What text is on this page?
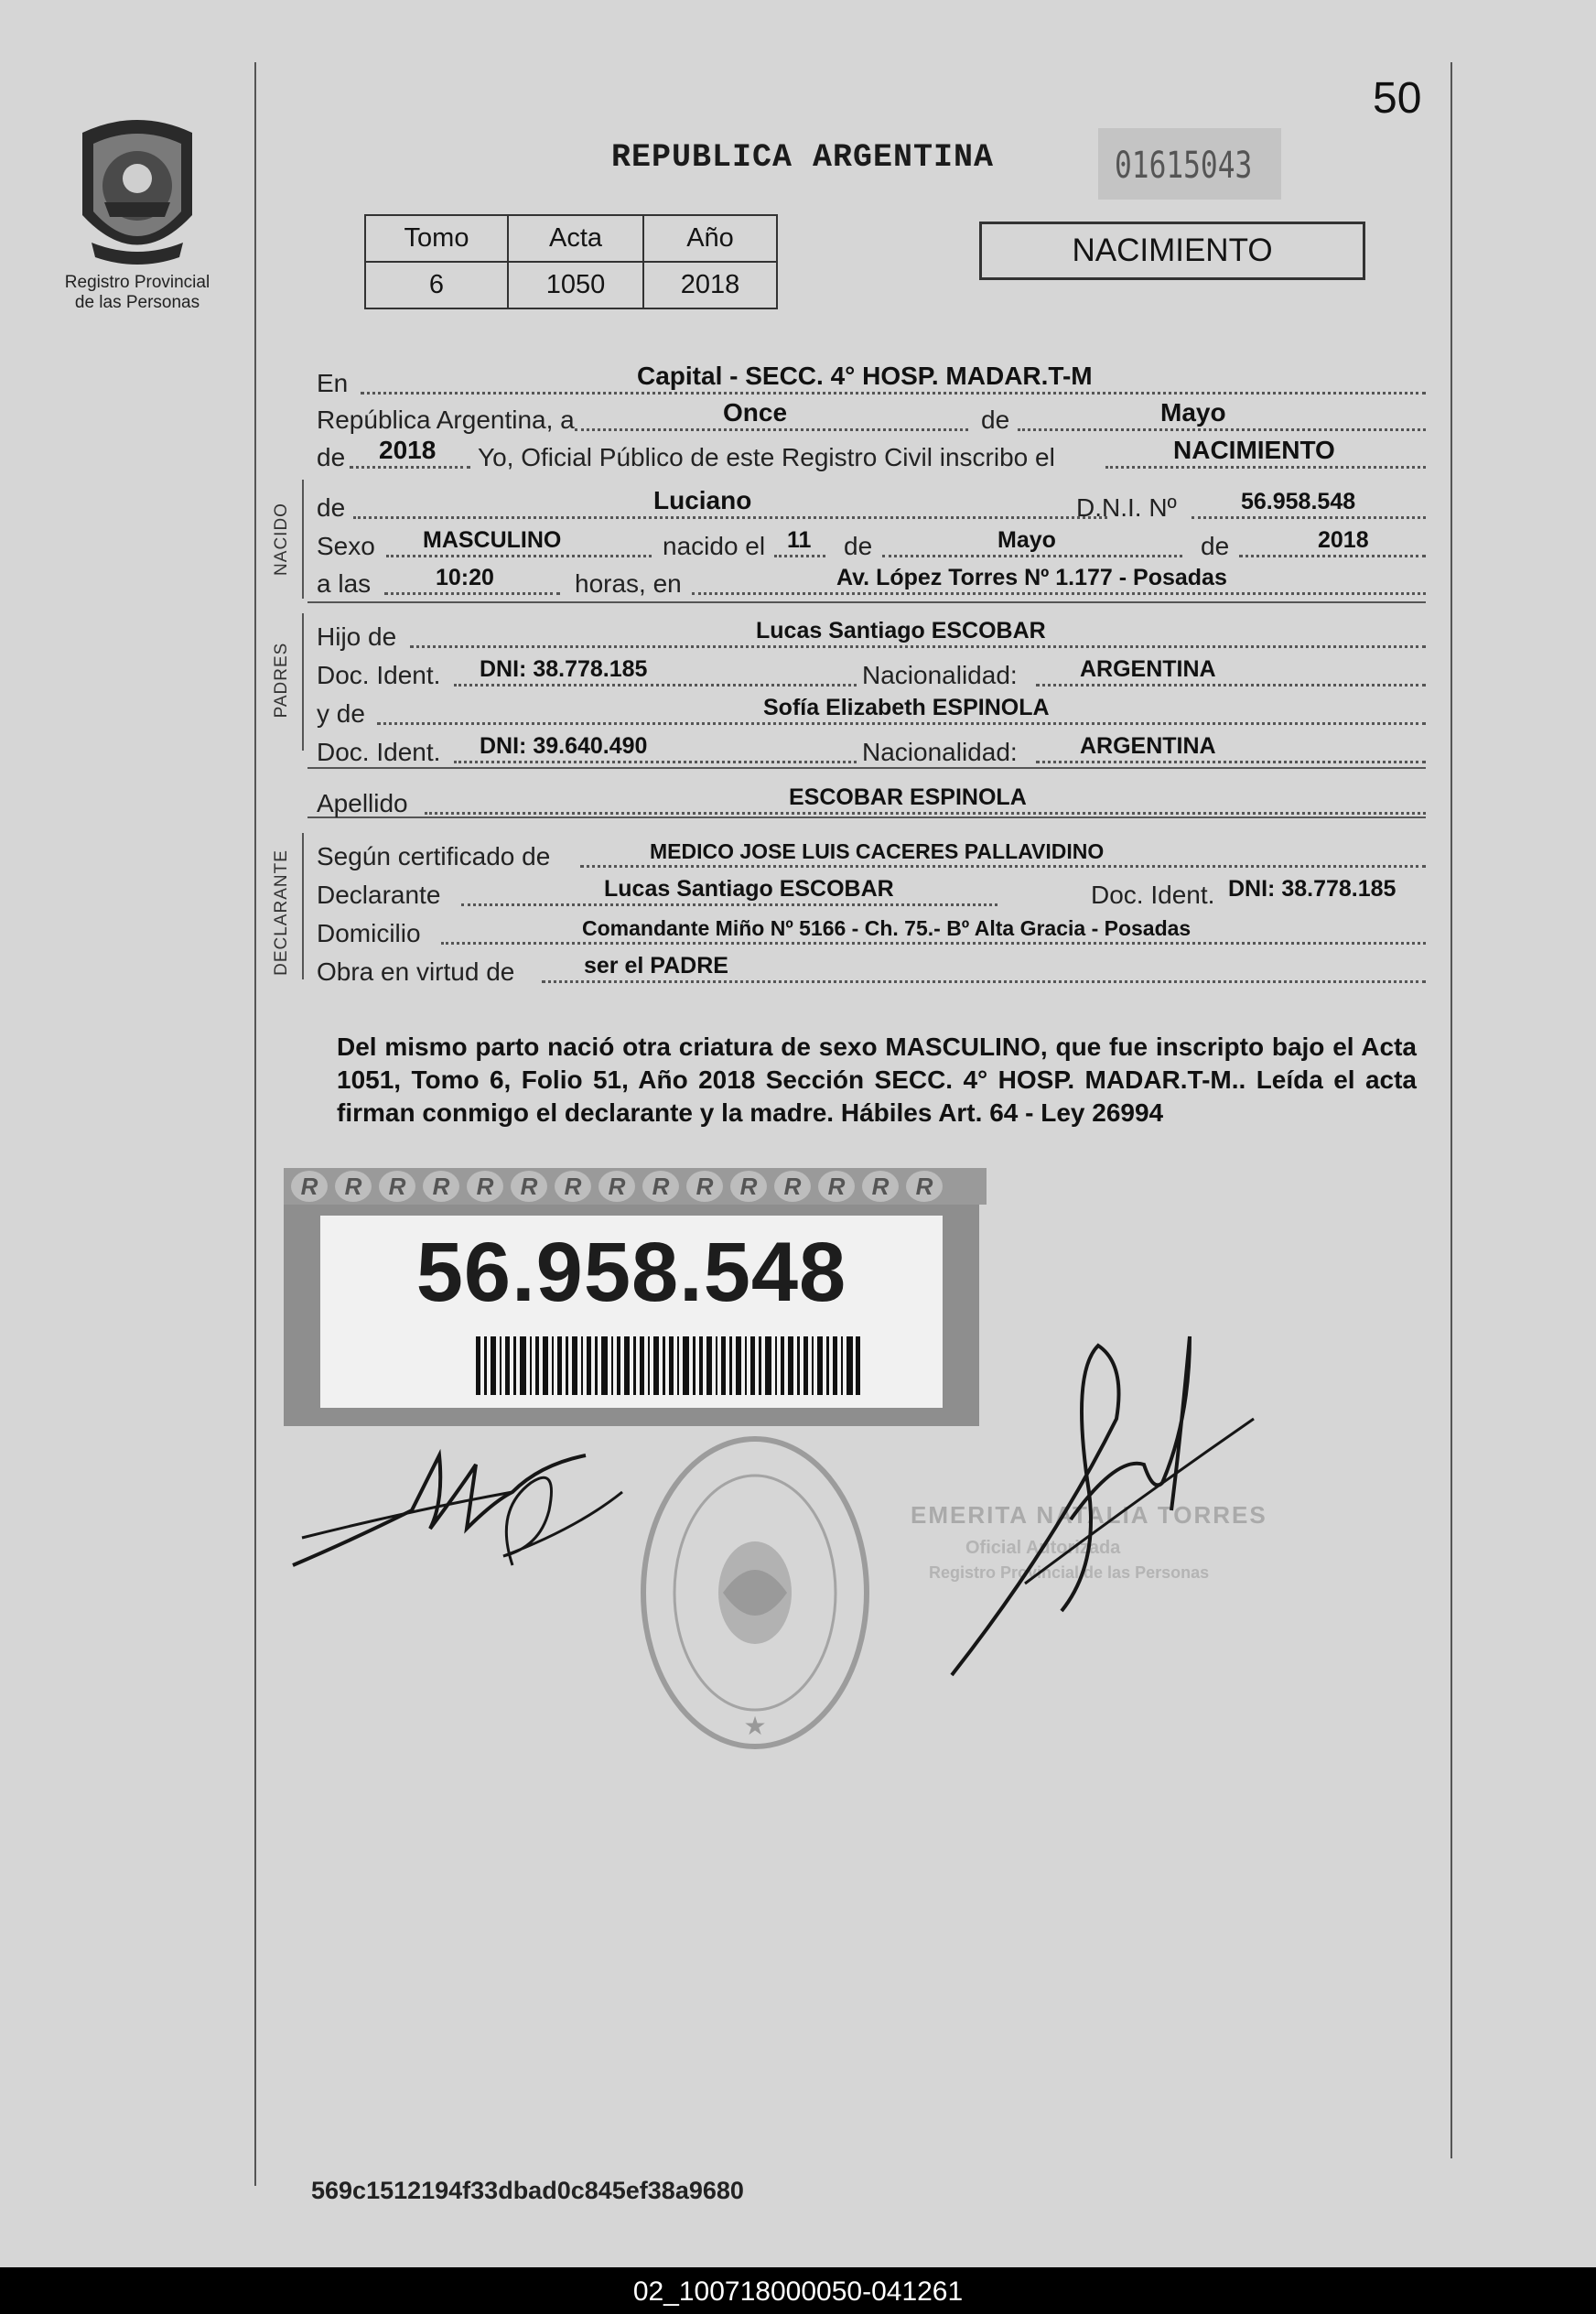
Registro Provincial
de las Personas
50
REPUBLICA ARGENTINA	01615043
Tomo	Acta	Año
6	1050	2018
NACIMIENTO
NACIDO
PADRES
DECLARANTE
En	Capital - SECC. 4° HOSP. MADAR.T-M
República Argentina, a	Once	de	Mayo
de 2018 Yo, Oficial Público de este Registro Civil inscribo el	NACIMIENTO
de	Luciano	D.N.I. Nº	56.958.548
Sexo MASCULINO	nacido el 11 de	Mayo	de	2018
a las	10:20	horas, en	Av. López Torres Nº 1.177 - Posadas
Hijo de	Lucas Santiago ESCOBAR
Doc. Ident. DNI: 38.778.185	Nacionalidad:	ARGENTINA
y de	Sofía Elizabeth ESPINOLA
Doc. Ident. DNI: 39.640.490	Nacionalidad:	ARGENTINA
Apellido	ESCOBAR ESPINOLA
Según certificado de	MEDICO JOSE LUIS CACERES PALLAVIDINO
Declarante	Lucas Santiago ESCOBAR	Doc. Ident. DNI: 38.778.185
Domicilio	Comandante Miño Nº 5166 - Ch. 75.- Bº Alta Gracia - Posadas
Obra en virtud de	ser el PADRE
Del mismo parto nació otra criatura de sexo MASCULINO, que fue inscripto bajo el Acta 1051, Tomo 6, Folio 51, Año 2018 Sección SECC. 4° HOSP. MADAR.T-M.. Leída el acta firman conmigo el declarante y la madre. Hábiles Art. 64 - Ley 26994
R	R	R	R	R	R	R	R	R	R	R	R	R	R	R
56.958.548
★
EMERITA NATALIA TORRES
Oficial Autorizada
Registro Provincial de las Personas
569c1512194f33dbad0c845ef38a9680
02_100718000050-041261
